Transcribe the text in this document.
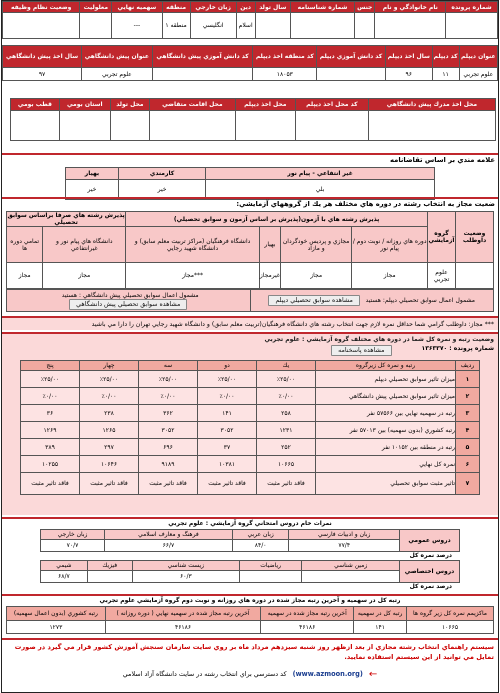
شماره پرونده	نام خانوادگي و نام	جنس	شماره شناسنامه	سال تولد	دين	زبان خارجي	منطقه	سهميه نهايي	معلوليت	وضعيت نظام وظيفه
					اسلام	انگليسي	منطقه ۱	---		
عنوان ديپلم	كد ديپلم	سال اخذ ديپلم	كد دانش آموزي ديپلم	كد منطقه اخذ ديپلم	كد دانش آموزي پيش دانشگاهي	عنوان پيش دانشگاهي	سال اخذ پيش دانشگاهي
علوم تجربي	۱۱	۹۶		۱۸۰۵۳		علوم تجربي	۹۷
محل اخذ مدرك پيش دانشگاهي	كد محل اخذ ديپلم	محل اخذ ديپلم	محل اقامت متقاضي	محل تولد	استان بومي	قطب بومي

علامه مندي بر اساس تقاضانامه
غير انتفاعي - پيام نور	كارمندي	بهيار
بلي	خير	خير
ضعيت مجاز به انتخاب رشته در دوره هاي مختلف هر يك از گروههاي آزمايشي:
وضعيت داوطلب	گروه آزمايشي	پذيرش رشته هاي با آزمون(پذيرش بر اساس آزمون و سوابق تحصيلي)				پذيرش رشته هاي صرفا براساس سوابق تحصيلي	
		دوره هاي روزانه / نوبت دوم / پيام نور	مجازي و پرديس خودگردان و مازاد	بهيار	دانشگاه فرهنگيان (مراكز تربيت معلم سابق) و دانشگاه شهيد رجايي	دانشگاه هاي پيام نور و غيرانتفاعي	تمامي دوره ها
	علوم تجربي	مجاز	مجاز	غيرمجاز	***مجاز	مجاز	مجاز
مشمول اعمال سوابق تحصيلي ديپلم: هستيد   مشاهده سوابق تحصيلي ديپلم	مشمول اعمال سوابق تحصيلي پيش دانشگاهي : هستيد   مشاهده سوابق تحصيلي پيش دانشگاهي
*** مجاز: داوطلب گرامي شما حداقل نمره لازم جهت انتخاب رشته هاي دانشگاه فرهنگيان(تربيت معلم سابق) و دانشگاه شهيد رجايي تهران را دارا مي باشيد
وضعيت رتبه و نمره كل شما در دوره هاي مختلف گروه آزمايشي : علوم تجربي
شماره پرونده : ۱۳۶۳۳۷۰
مشاهده پاسخنامه
رديف	رتبه و نمره كل زيرگروه	يك	دو	سه	چهار	پنج
۱	ميزان تاثير سوابق تحصيلي ديپلم	٪۲۵/۰۰	٪۲۵/۰۰	٪۲۵/۰۰	٪۲۵/۰۰	٪۲۵/۰۰
۲	ميزان تاثير سوابق تحصيلي پيش دانشگاهي	٪۰/۰۰	٪۰/۰۰	٪۰/۰۰	٪۰/۰۰	٪۰/۰۰
۳	رتبه در سهميه نهايي بين ۵۷۵۶۶ نفر	۲۵۸	۱۴۱	۳۶۲	۲۳۸	۳۶
۴	رتبه كشوري (بدون سهميه) بين ۵۷۰۱۳ نفر	۱۲۳۱	۳۰۵۲	۳۰۵۲	۱۲۶۵	۱۲۶۹
۵	رتبه در منطقه بين ۱۰۱۵۲ نفر	۲۵۲	۳۷	۶۹۶	۲۹۷	۳۸۹
۶	نمره كل نهايي	۱۰۶۶۵	۱۰۳۸۱	۹۱۸۹	۱۰۶۴۶	۱۰۲۵۵
۷	تاثير مثبت سوابق تحصيلي	فاقد تاثير مثبت	فاقد تاثير مثبت	فاقد تاثير مثبت	فاقد تاثير مثبت	فاقد تاثير مثبت
نمرات خام دروس امتحاني گروه آزمايشي : علوم تجربي
دروس عمومي	زبان و ادبيات فارسي	زبان عربي	فرهنگ و معارف اسلامي	زبان خارجي
	۷۷/۴	۸۴/۰	۶۶/۷	۷۰/۷
درصد نمره كل
دروس اختصاصي	زمين شناسي	رياضيات	زيست شناسي	فيزيك	شيمي
			۶۰/۳		۶۸/۷
درصد نمره كل
رتبه كل در سهميه و آخرين رتبه مجاز شده در دوره هاي روزانه و نوبت دوم گروه آزمايشي علوم تجربي
ماكزيمم نمره كل زير گروه ها	رتبه كل در سهميه	آخرين رتبه مجاز شده در سهميه	آخرين رتبه مجاز شده در سهميه نهايي ( دوره روزانه )	رتبه كشوري (بدون اعمال سهميه)
۱۰۶۶۵	۱۴۱	۴۶۱۸۶	۴۶۱۸۶	۱۲۷۳
سيستم راهنماي انتخاب رشته مجازي از بعد ازظهر روز شنبه سيزدهم مرداد ماه بر روي سايت سازمان سنجش آموزش كشور قرار مي گيرد در صورت تمايل مي توانيد از اين سيستم استفاده نماييد.
←
(www.azmoon.org)
كد دسترسي براي انتخاب رشته در سايت دانشگاه آزاد اسلامي
